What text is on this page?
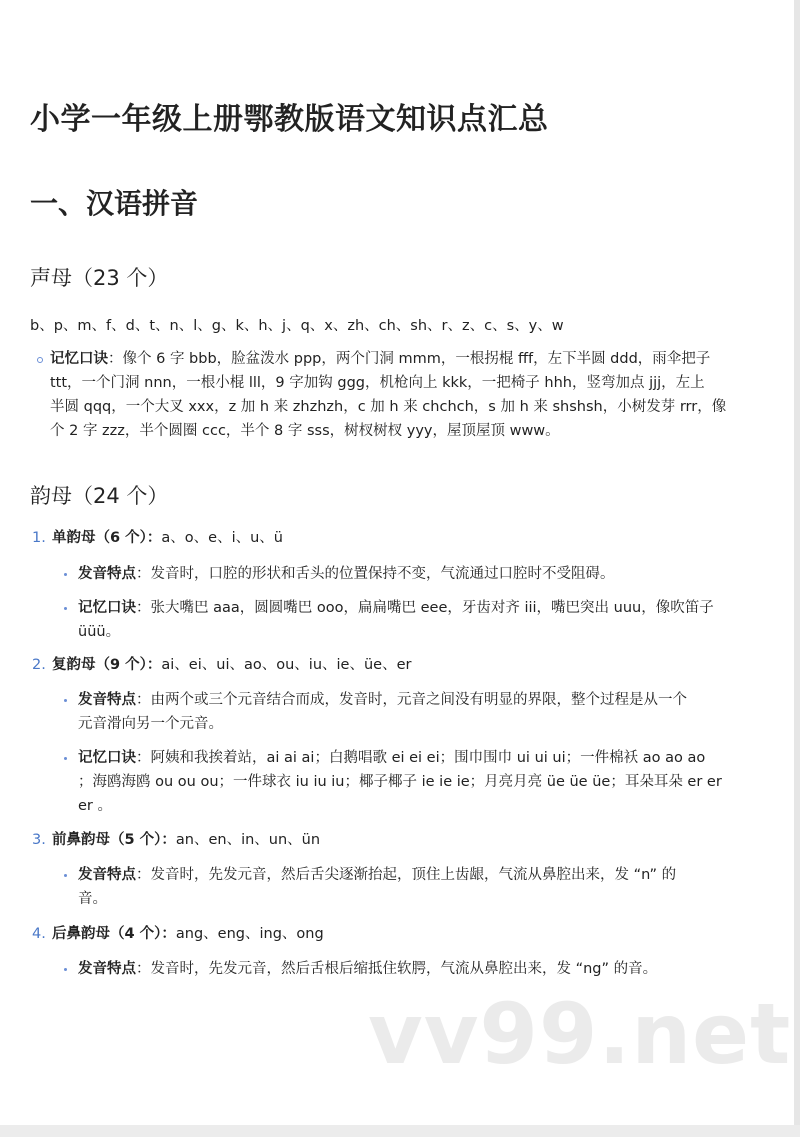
小学一年级上册鄂教版语文知识点汇总
一、汉语拼音
声母（23 个）
b、p、m、f、d、t、n、l、g、k、h、j、q、x、zh、ch、sh、r、z、c、s、y、w
记忆口诀：像个 6 字 bbb，脸盆泼水 ppp，两个门洞 mmm，一根拐棍 fff，左下半圆 ddd，雨伞把子
ttt，一个门洞 nnn，一根小棍 lll，9 字加钩 ggg，机枪向上 kkk，一把椅子 hhh，竖弯加点 jjj，左上
半圆 qqq，一个大叉 xxx，z 加 h 来 zhzhzh，c 加 h 来 chchch，s 加 h 来 shshsh，小树发芽 rrr，像
个 2 字 zzz，半个圆圈 ccc，半个 8 字 sss，树杈树杈 yyy，屋顶屋顶 www。
韵母（24 个）
1. 单韵母（6 个）：a、o、e、i、u、ü
发音特点：发音时，口腔的形状和舌头的位置保持不变，气流通过口腔时不受阻碍。
记忆口诀：张大嘴巴 aaa，圆圆嘴巴 ooo，扁扁嘴巴 eee，牙齿对齐 iii，嘴巴突出 uuu，像吹笛子
üüü。
2. 复韵母（9 个）：ai、ei、ui、ao、ou、iu、ie、üe、er
发音特点：由两个或三个元音结合而成，发音时，元音之间没有明显的界限，整个过程是从一个
元音滑向另一个元音。
记忆口诀：阿姨和我挨着站，ai ai ai；白鹅唱歌 ei ei ei；围巾围巾 ui ui ui；一件棉袄 ao ao ao
；海鸥海鸥 ou ou ou；一件球衣 iu iu iu；椰子椰子 ie ie ie；月亮月亮 üe üe üe；耳朵耳朵 er er
er 。
3. 前鼻韵母（5 个）：an、en、in、un、ün
发音特点：发音时，先发元音，然后舌尖逐渐抬起，顶住上齿龈，气流从鼻腔出来，发 “n” 的
音。
4. 后鼻韵母（4 个）：ang、eng、ing、ong
发音特点：发音时，先发元音，然后舌根后缩抵住软腭，气流从鼻腔出来，发 “ng” 的音。
vv99.net
